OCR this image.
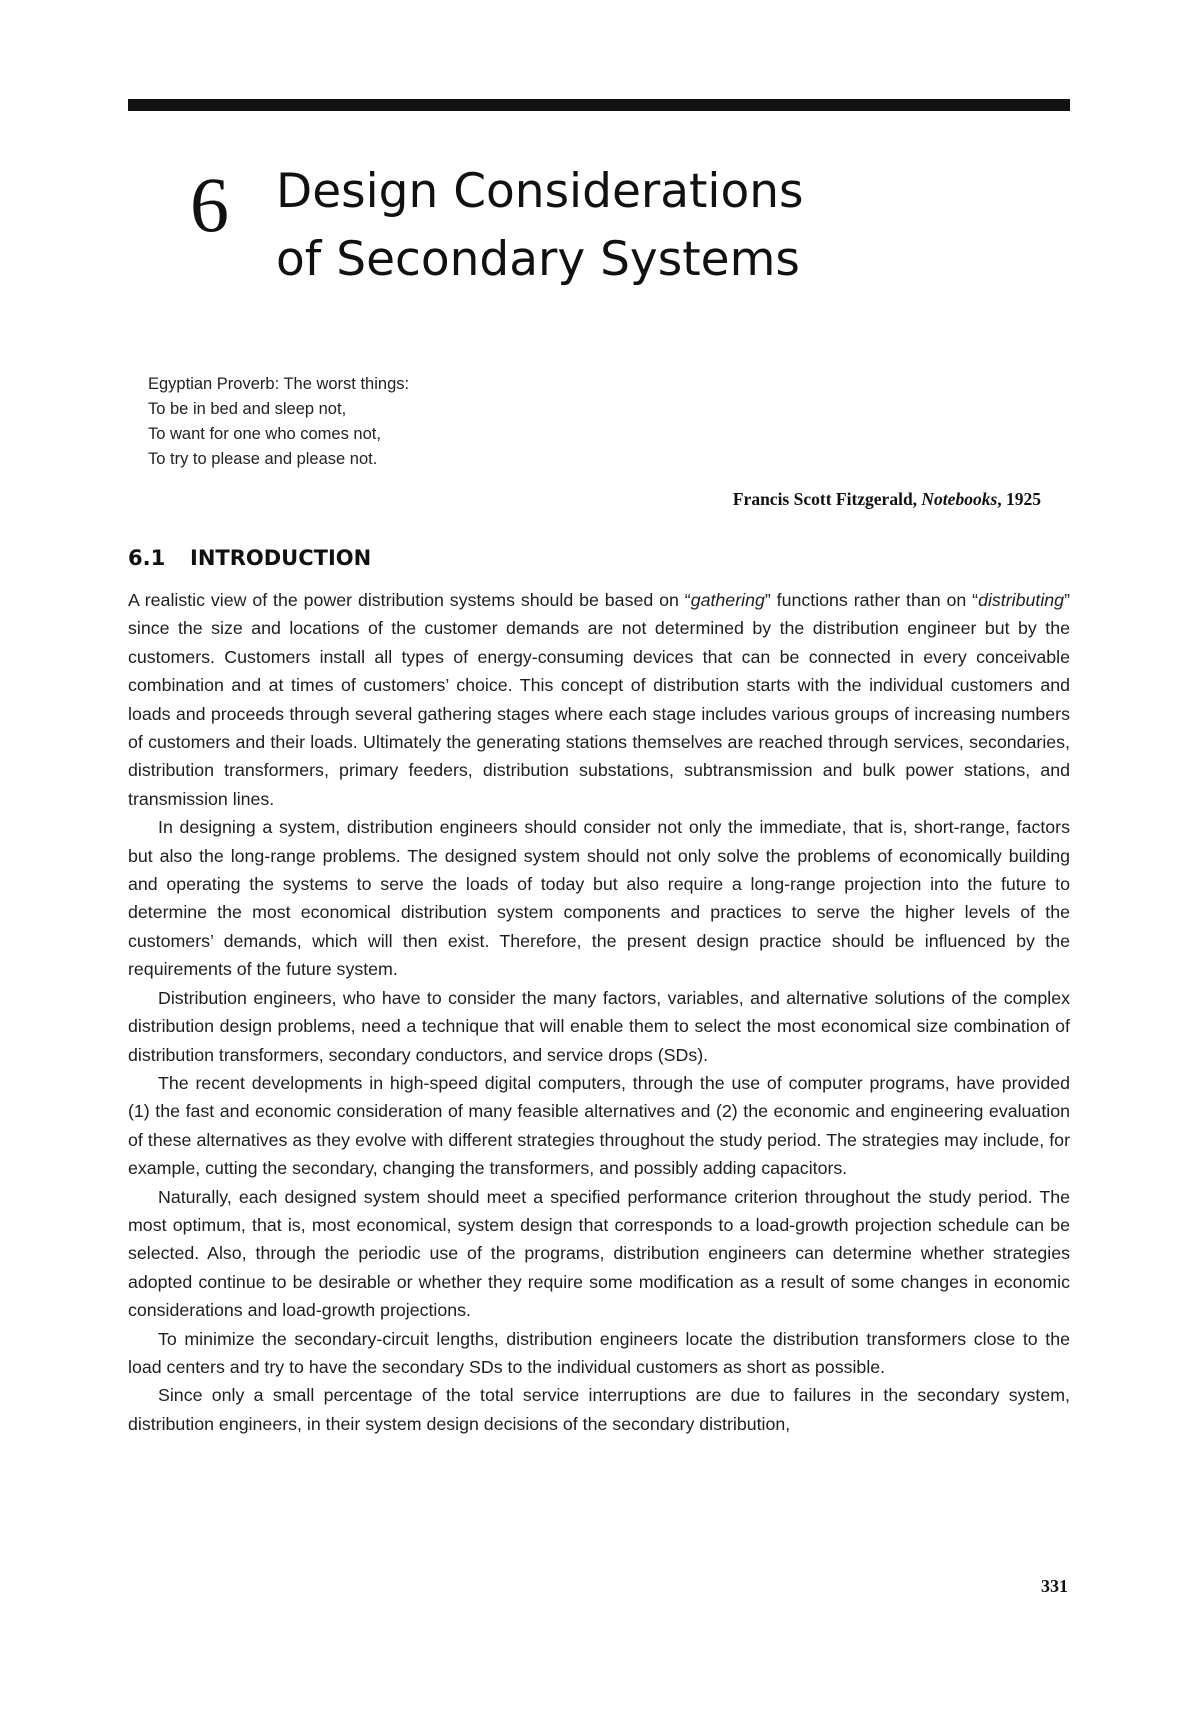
6 Design Considerations
of Secondary Systems
Egyptian Proverb: The worst things:
To be in bed and sleep not,
To want for one who comes not,
To try to please and please not.
Francis Scott Fitzgerald, Notebooks, 1925
6.1 INTRODUCTION

A realistic view of the power distribution systems should be based on “gathering” functions rather than on “distributing” since the size and locations of the customer demands are not determined by the distribution engineer but by the customers. Customers install all types of energy-consuming devices that can be connected in every conceivable combination and at times of customers’ choice. This concept of distribution starts with the individual customers and loads and proceeds through several gathering stages where each stage includes various groups of increasing numbers of customers and their loads. Ultimately the generating stations themselves are reached through services, secondaries, distribution transformers, primary feeders, distribution substations, subtransmission and bulk power stations, and transmission lines.

In designing a system, distribution engineers should consider not only the immediate, that is, short-range, factors but also the long-range problems. The designed system should not only solve the problems of economically building and operating the systems to serve the loads of today but also require a long-range projection into the future to determine the most economical distribution system components and practices to serve the higher levels of the customers’ demands, which will then exist. Therefore, the present design practice should be influenced by the requirements of the future system.

Distribution engineers, who have to consider the many factors, variables, and alternative solutions of the complex distribution design problems, need a technique that will enable them to select the most economical size combination of distribution transformers, secondary conductors, and service drops (SDs).

The recent developments in high-speed digital computers, through the use of computer programs, have provided (1) the fast and economic consideration of many feasible alternatives and (2) the economic and engineering evaluation of these alternatives as they evolve with different strategies throughout the study period. The strategies may include, for example, cutting the secondary, changing the transformers, and possibly adding capacitors.

Naturally, each designed system should meet a specified performance criterion throughout the study period. The most optimum, that is, most economical, system design that corresponds to a load-growth projection schedule can be selected. Also, through the periodic use of the programs, distribution engineers can determine whether strategies adopted continue to be desirable or whether they require some modification as a result of some changes in economic considerations and load-growth projections.

To minimize the secondary-circuit lengths, distribution engineers locate the distribution transformers close to the load centers and try to have the secondary SDs to the individual customers as short as possible.

Since only a small percentage of the total service interruptions are due to failures in the secondary system, distribution engineers, in their system design decisions of the secondary distribution,

331
